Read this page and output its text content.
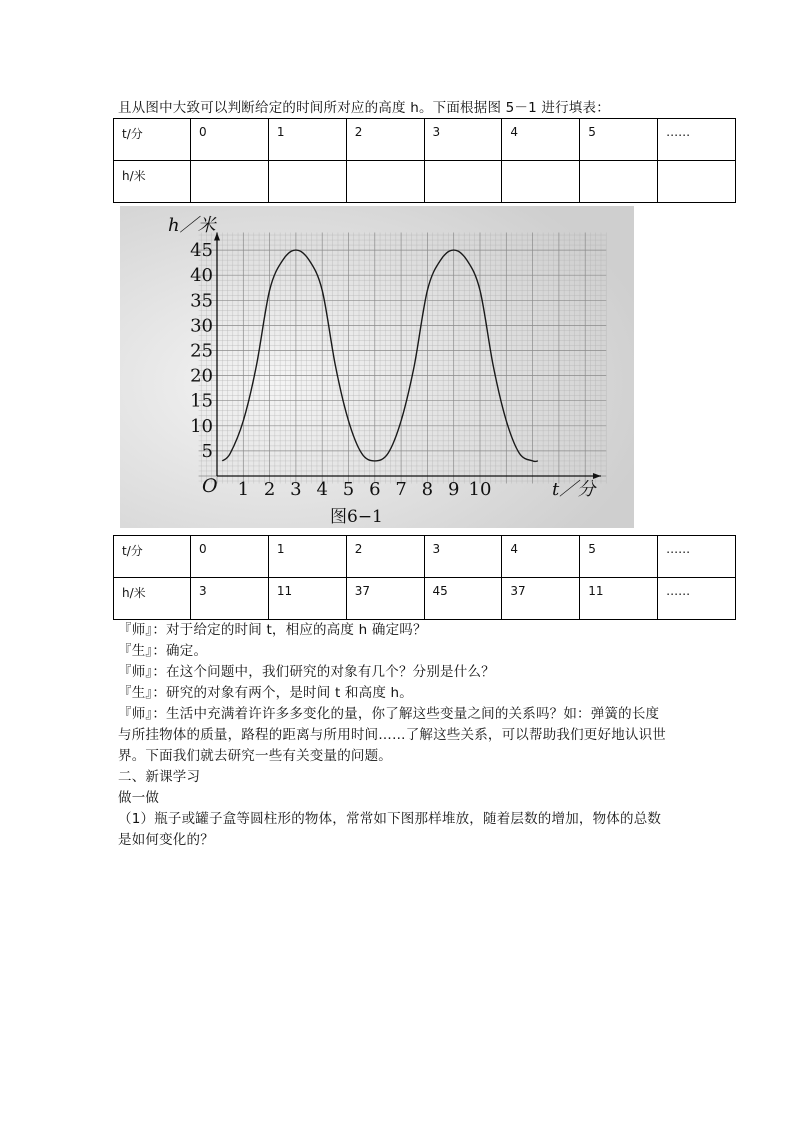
且从图中大致可以判断给定的时间所对应的高度 h。下面根据图 5－1 进行填表：
t/分	0	1	2	3	4	5	……
h/米							
1 2 3 4 5 6 7 8 9 10
5
10
15
20
25
30
35
40
45
h／米
t／分
O
图6−1
t/分	0	1	2	3	4	5	……
h/米	3	11	37	45	37	11	……
『师』：对于给定的时间 t，相应的高度 h 确定吗？
『生』：确定。
『师』：在这个问题中，我们研究的对象有几个？分别是什么？
『生』：研究的对象有两个，是时间 t 和高度 h。
『师』：生活中充满着许许多多变化的量，你了解这些变量之间的关系吗？如：弹簧的长度
与所挂物体的质量，路程的距离与所用时间……了解这些关系，可以帮助我们更好地认识世
界。下面我们就去研究一些有关变量的问题。
二、新课学习
做一做
（1）瓶子或罐子盒等圆柱形的物体，常常如下图那样堆放，随着层数的增加，物体的总数
是如何变化的？
